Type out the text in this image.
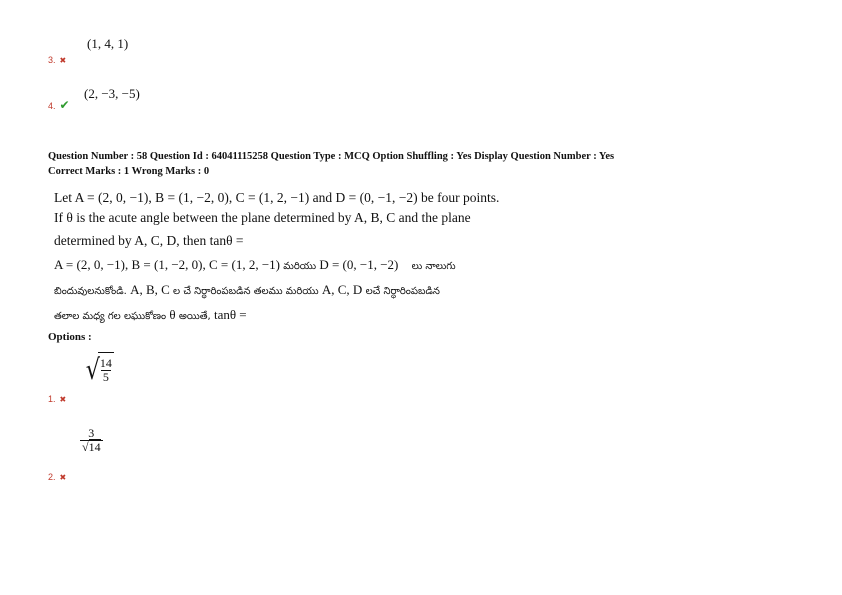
3. ✖
(1, 4, 1)
4. ✔
(2, −3, −5)
Question Number : 58 Question Id : 64041115258 Question Type : MCQ Option Shuffling : Yes Display Question Number : Yes
Correct Marks : 1 Wrong Marks : 0
Let A = (2, 0, −1), B = (1, −2, 0), C = (1, 2, −1) and D = (0, −1, −2) be four points.
If θ is the acute angle between the plane determined by A, B, C and the plane
determined by A, C, D, then tanθ =
A = (2, 0, −1), B = (1, −2, 0), C = (1, 2, −1) మరియు D = (0, −1, −2) లు నాలుగు
బిందువులనుకోండి. A, B, C ల చే నిర్ధారింపబడిన తలము మరియు A, C, D లచే నిర్ధారింపబడిన
తలాల మధ్య గల లఘుకోణం θ అయితే, tanθ =
Options :
1. ✖
√
$\frac{14}{5}$
2. ✖
$\frac{3}{√14}$
